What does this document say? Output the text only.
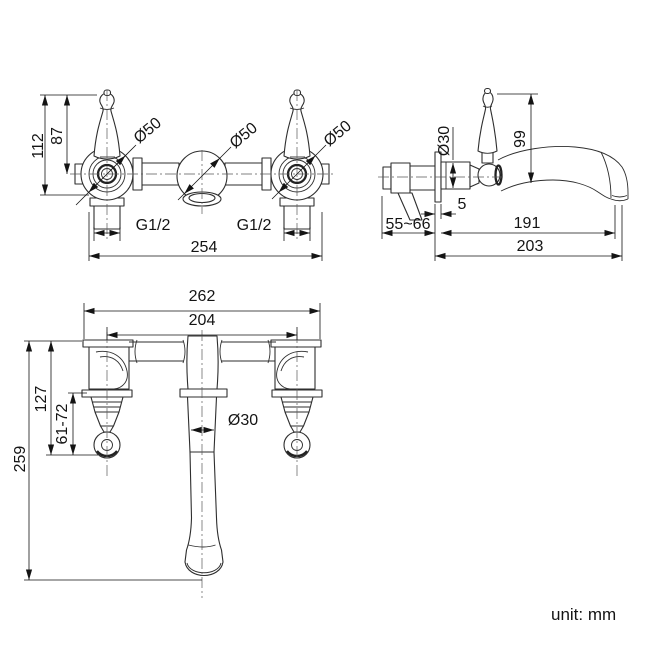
112 87	Ø50	Ø50	Ø50
G1/2	G1/2
254
Ø30	99
5
55~66	191
203
262
204
127
61-72
259
Ø30
unit: mm
